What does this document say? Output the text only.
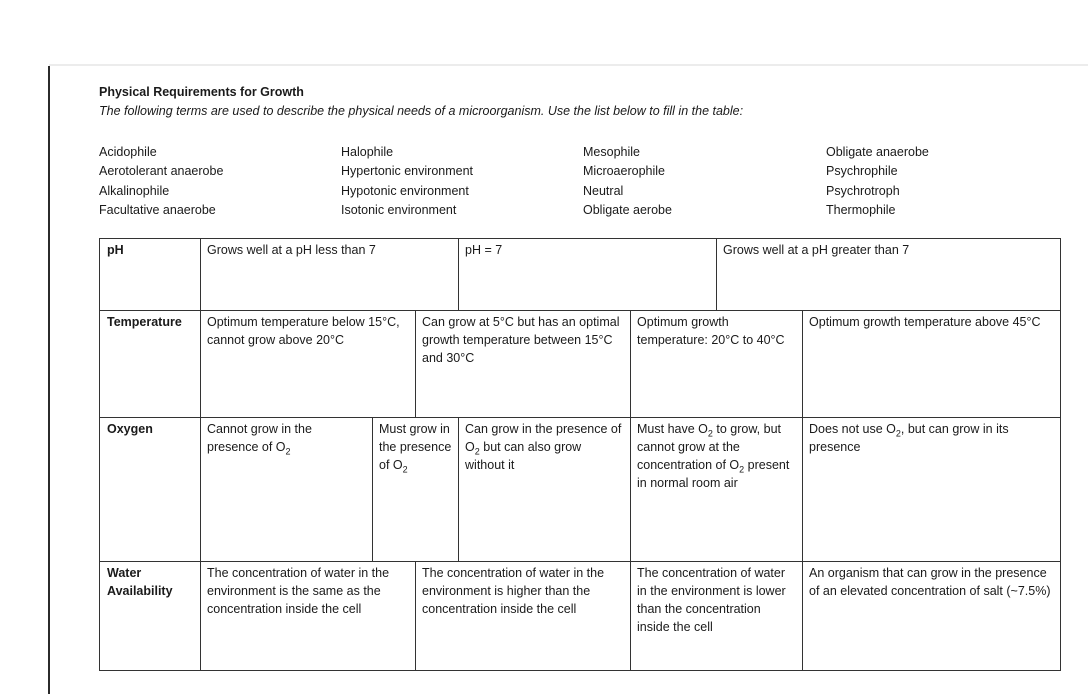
Physical Requirements for Growth
The following terms are used to describe the physical needs of a microorganism. Use the list below to fill in the table:
Acidophile
Aerotolerant anaerobe
Alkalinophile
Facultative anaerobe
Halophile
Hypertonic environment
Hypotonic environment
Isotonic environment
Mesophile
Microaerophile
Neutral
Obligate aerobe
Obligate anaerobe
Psychrophile
Psychrotroph
Thermophile
pH	Grows well at a pH less than 7			pH = 7		Grows well at a pH greater than 7	
Temperature	Optimum temperature below 15°C, cannot grow above 20°C		Can grow at 5°C but has an optimal growth temperature between 15°C and 30°C		Optimum growth temperature: 20°C to 40°C		Optimum growth temperature above 45°C
Oxygen	Cannot grow in the presence of $O_2$	Must grow in the presence of $O_2$		Can grow in the presence of $O_2$ but can also grow without it	Must have $O_2$ to grow, but cannot grow at the concentration of $O_2$ present in normal room air		Does not use $O_2$, but can grow in its presence
Water Availability	The concentration of water in the environment is the same as the concentration inside the cell		The concentration of water in the environment is higher than the concentration inside the cell		The concentration of water in the environment is lower than the concentration inside the cell		An organism that can grow in the presence of an elevated concentration of salt (~7.5%)
